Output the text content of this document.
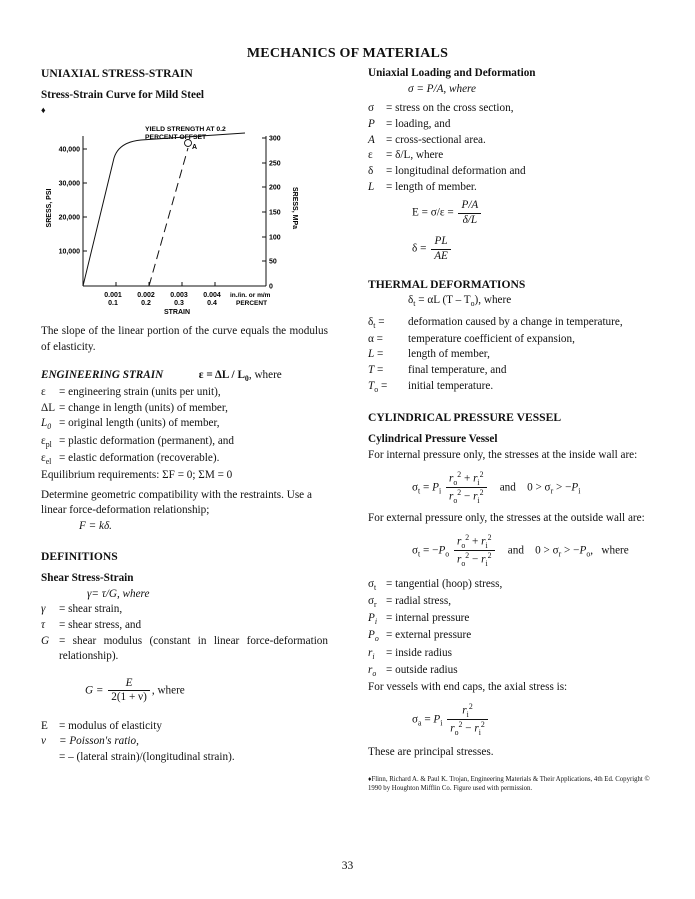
MECHANICS OF MATERIALS

UNIAXIAL STRESS-STRAIN

Stress-Strain Curve for Mild Steel

♦

40,000
30,000
20,000
10,000
300
250
200
150
100
50
0
0.001 0.002 0.003 0.004
0.1	0.2	0.3	0.4
in./in. or m/m
PERCENT
STRAIN
SRESS, PSI	SRESS, MPa
YIELD STRENGTH AT 0.2
PERCENT OFFSET
A

The slope of the linear portion of the curve equals the modulus of elasticity.

ENGINEERING STRAIN	$\varepsilon = \Delta L / L_0$, where

ε	= engineering strain (units per unit),
ΔL = change in length (units) of member,
$L_0$ = original length (units) of member,
$\varepsilon_{pl}$ = plastic deformation (permanent), and
$\varepsilon_{el}$ = elastic deformation (recoverable).

Equilibrium requirements: ΣF = 0; ΣM = 0

Determine geometric compatibility with the restraints. Use a linear force-deformation relationship;

F = kδ.

DEFINITIONS

Shear Stress-Strain

γ= τ/G, where

γ	= shear strain,
τ	= shear stress, and

G = shear modulus (constant in linear force-deformation relationship).

$G = \frac{E}{2(1 + \nu)}$ , where
E = modulus of elasticity
ν	= Poisson's ratio,
= – (lateral strain)/(longitudinal strain).

Uniaxial Loading and Deformation

σ = P/A, where

σ	= stress on the cross section,
P = loading, and
A = cross-sectional area.
ε	= δ/L, where
δ	= longitudinal deformation and
L	= length of member.
$E = \sigma/\varepsilon = \frac{P/A}{\delta/L}$
$\delta = \frac{PL}{AE}$

THERMAL DEFORMATIONS

$\delta_t = \alpha L$ $(T - T_o)$, where

$\delta_t$ =	deformation caused by a change in temperature,
α =	temperature coefficient of expansion,
L =	length of member,
T =	final temperature, and
$T_o$ =	initial temperature.

CYLINDRICAL PRESSURE VESSEL

Cylindrical Pressure Vessel

For internal pressure only, the stresses at the inside wall are:

$\sigma_t = P_i \frac{r_o^2 + r_i^2}{r_o^2 - r_i^2}$ and    $0 > \sigma_r > -P_i$

For external pressure only, the stresses at the outside wall are:

$\sigma_t = -P_o \frac{r_o^2 + r_i^2}{r_o^2 - r_i^2}$ and    $0 > \sigma_r > -P_o$,   where
$\sigma_t$ = tangential (hoop) stress,
$\sigma_r$ = radial stress,
$P_i$ = internal pressure
$P_o$ = external pressure
$r_i$	= inside radius
$r_o$ = outside radius

For vessels with end caps, the axial stress is:

$\sigma_a = P_i \frac{r_i^2}{r_o^2 - r_i^2}$

These are principal stresses.

♦Flinn, Richard A. & Paul K. Trojan, Engineering Materials & Their Applications, 4th Ed. Copyright ©
1990 by Houghton Mifflin Co. Figure used with permission.
33
